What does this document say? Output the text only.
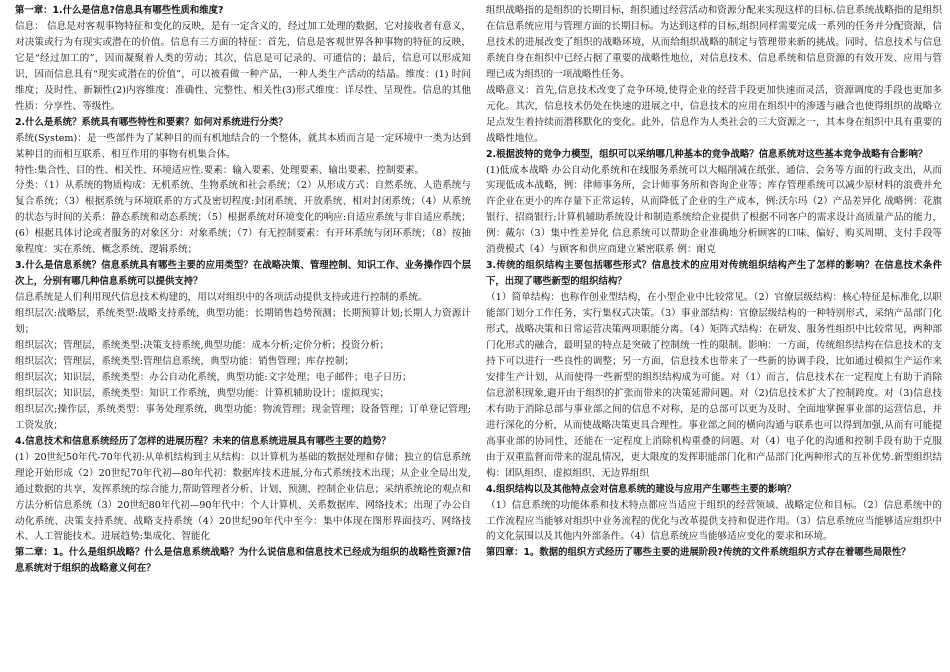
第一章：1.什么是信息?信息具有哪些性质和维度?

信息： 信息是对客观事物特征和变化的反映，是有一定含义的，经过加工处理的数据，它对接收者有意义，对决策或行为有现实或潜在的价值。信息有三方面的特征：首先，信息是客观世界各种事物的特征的反映，它是“经过加工的”，因而凝聚着人类的劳动；其次，信息是可记录的、可通信的；最后，信息可以形成知识，因而信息具有“现实或潜在的价值”，可以被看做一种产品，一种人类生产活动的结晶。维度：(1) 时间维度；及时性、新颖性(2)内容维度：准确性、完整性、相关性(3)形式维度：详尽性、呈现性。信息的其他性质：分享性、等级性。

2.什么是系统？系统具有哪些特性和要素？如何对系统进行分类？

系统(System)：是一些部件为了某种目的而有机地结合的一个整体，就其本质而言是一定环境中一类为达到某种目的而相互联系、相互作用的事物有机集合体。

特性:集合性、目的性、相关性、环境适应性.要素：输入要素、处理要素、输出要素、控制要素。

分类：（1）从系统的物质构成：无机系统、生物系统和社会系统；（2）从形成方式：自然系统、人造系统与复合系统；（3）根据系统与环境联系的方式及密切程度:封闭系统、开放系统、相对封闭系统；（4）从系统的状态与时间的关系：静态系统和动态系统；（5）根据系统对环境变化的响应:自适应系统与非自适应系统；(6）根据具体讨论或者服务的对象区分：对象系统；（7）有无控制要素：有开环系统与闭环系统；（8）按抽象程度：实在系统、概念系统、逻辑系统；

3.什么是信息系统？信息系统具有哪些主要的应用类型？在战略决策、管理控制、知识工作、业务操作四个层次上，分别有哪几种信息系统可以提供支持？

信息系统是人们利用现代信息技术构建的，用以对组织中的各项活动提供支持或进行控制的系统。

组织层次:战略层，系统类型:战略支持系统，典型功能：长期销售趋势预测；长期预算计划;长期人力资源计划；

组织层次；管理层，系统类型:决策支持系统,典型功能：成本分析;定价分析；投资分析；

组织层次；管理层，系统类型:管理信息系统，典型功能：销售管理；库存控制；

组织层次；知识层，系统类型：办公自动化系统，典型功能:文字处理；电子邮件；电子日历；

组织层次；知识层，系统类型：知识工作系统，典型功能：计算机辅助设计；虚拟现实；

组织层次;操作层，系统类型：事务处理系统，典型功能：物流管理；现金管理；设备管理；订单登记管理;工资发放；

4.信息技术和信息系统经历了怎样的进展历程？未来的信息系统进展具有哪些主要的趋势？

(1）20世纪50年代-70年代初:从单机结构到主从结构：以计算机为基础的数据处理和存储；独立的信息系统理论开始形成（2）20世纪70年代初—80年代初：数据库技术进展,分布式系统技术出现；从企业全局出发,通过数据的共享，发挥系统的综合能力,帮助管理者分析、计划、预测、控制企业信息；采纳系统论的观点和方法分析信息系统（3）20世纪80年代初—90年代中：个人计算机、关系数据库、网络技术；出现了办公自动化系统、决策支持系统、战略支持系统（4）20世纪90年代中至今：集中体现在图形界面技巧、网络技术、人工智能技术。进展趋势:集成化、智能化

第二章：1。什么是组织战略？什么是信息系统战略？为什么说信息和信息技术已经成为组织的战略性资源?信息系统对于组织的战略意义何在？

组织战略指的是组织的长期目标，组织通过经营活动和资源分配来实现这样的目标.信息系统战略指的是组织在信息系统应用与管理方面的长期目标。为达到这样的目标,组织同样需要完成一系列的任务并分配资源，信息技术的进展改变了组织的战略环境，从而给组织战略的制定与管理带来新的挑战。同时，信息技术与信息系统自身在组织中已经占据了重要的战略性地位，对信息技术、信息系统和信息资源的有效开发、应用与管理已成为组织的一项战略性任务。

战略意义：首先,信息技术改变了竞争环境,使得企业的经营手段更加快速而灵活，资源调度的手段也更加多元化。其次，信息技术仍处在快速的进展之中，信息技术的应用在组织中的渗透与融合也使得组织的战略立足点发生着持续而潜移默化的变化。此外，信息作为人类社会的三大资源之一，其本身在组织中具有重要的战略性地位。

2.根据波特的竞争力模型，组织可以采纳哪几种基本的竞争战略？信息系统对这些基本竞争战略有合影响？

(1)低成本战略 办公自动化系统和在线服务系统可以大幅削减在纸张、通信、会务等方面的行政支出，从而实现低成本战略，例：律师事务所，会计师事务所和咨询企业等；库存管理系统可以减少原材料的浪费并允许企业在更小的库存量下正常运转，从而降低了企业的生产成本，例:沃尔玛（2）产品差异化 战略例：花旗银行、招商银行;计算机辅助系统设计和制造系统给企业提供了根据不同客户的需求设计高质量产品的能力，例：戴尔（3）集中性差异化 信息系统可以帮助企业准确地分析顾客的口味、偏好、购买周期、支付手段等消费模式（4）与顾客和供应商建立紧密联系 例：耐克

3.传统的组织结构主要包括哪些形式？信息技术的应用对传统组织结构产生了怎样的影响？在信息技术条件下，出现了哪些新型的组织结构？

（1）简单结构：也称作创业型结构，在小型企业中比较常见。（2）官僚层级结构：核心特征是标准化,以职能部门划分工作任务，实行集权式决策。（3）事业部结构：官僚层级结构的一种特别形式，采纳产品部门化形式，战略决策和日常运营决策两项职能分离。（4）矩阵式结构：在研发、服务性组织中比较常见，两种部门化形式的融合，最明显的特点是突破了控制统一性的限制。影响：一方面，传统组织结构在信息技术的支持下可以进行一些良性的调整；另一方面，信息技术也带来了一些新的协调手段，比如通过模拟生产运作来安排生产计划，从而使得一些新型的组织结构成为可能。对（1）而言，信息技术在一定程度上有助于消除信息淤积现象,避开由于组织的扩张而带来的决策延滞问题。对（2)信息技术扩大了控制跨度。对（3)信息技术有助于消除总部与事业部之间的信息不对称，是的总部可以更为及时、全面地掌握事业部的运营信息，并进行深化的分析，从而使战略决策更具合理性。事业部之间的横向沟通与联系也可以得到加强,从而有可能提高事业部的协同性，还能在一定程度上消除机构重叠的问题。对（4）电子化的沟通和控制手段有助于克服由于双重监督而带来的混乱情况，更大限度的发挥职能部门化和产品部门化两种形式的互补优势.新型组织结构：团队组织、虚拟组织、无边界组织

4.组织结构以及其他特点会对信息系统的建设与应用产生哪些主要的影响？

（1）信息系统的功能体系和技术特点都应当适应于组织的经营领域、战略定位和目标。（2）信息系统中的工作流程应当能够对组织中业务流程的优化与改革提供支持和促进作用。（3）信息系统应当能够适应组织中的文化氛围以及其他内外部条件。（4）信息系统应当能够适应变化的要求和环境。

第四章：1。数据的组织方式经历了哪些主要的进展阶段?传统的文件系统组织方式存在着哪些局限性？
